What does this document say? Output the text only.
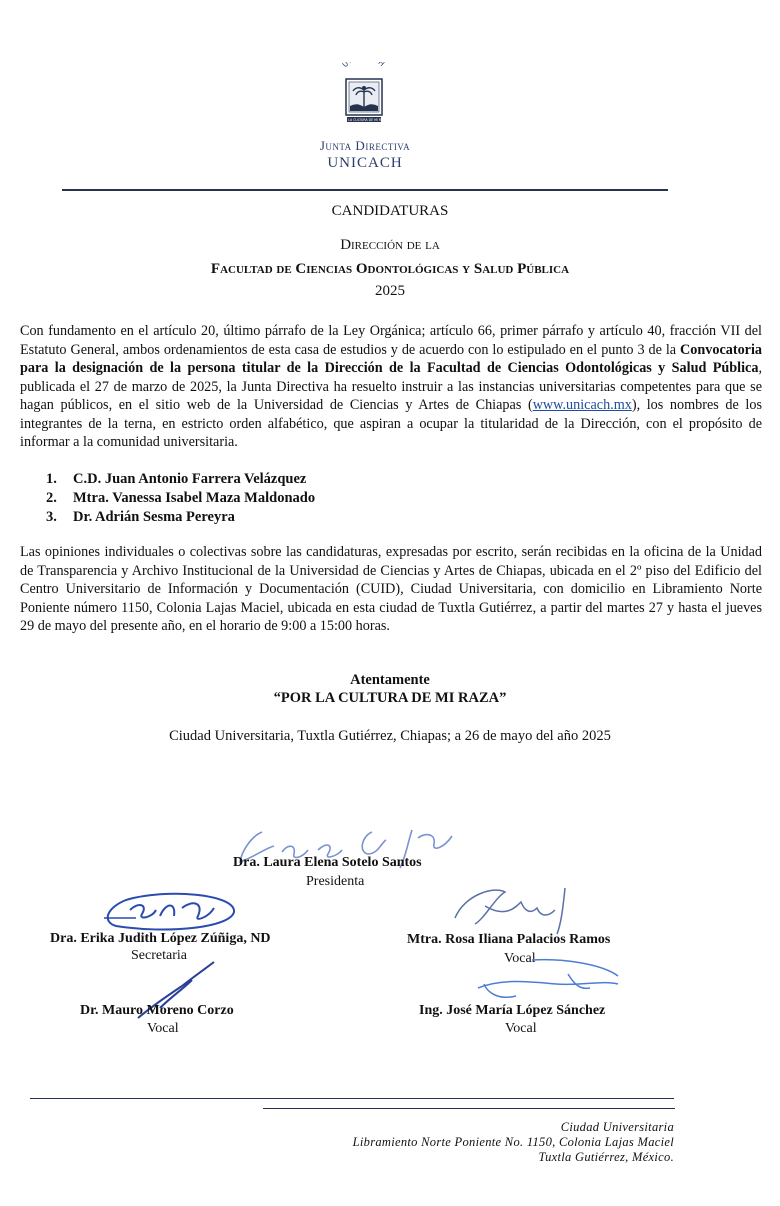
U H
POR LA CULTURA DE MI RAZA
Junta Directiva
UNICACH
CANDIDATURAS
Dirección de la
Facultad de Ciencias Odontológicas y Salud Pública
2025
Con fundamento en el artículo 20, último párrafo de la Ley Orgánica; artículo 66, primer párrafo y artículo 40, fracción VII del Estatuto General, ambos ordenamientos de esta casa de estudios y de acuerdo con lo estipulado en el punto 3 de la Convocatoria para la designación de la persona titular de la Dirección de la Facultad de Ciencias Odontológicas y Salud Pública, publicada el 27 de marzo de 2025, la Junta Directiva ha resuelto instruir a las instancias universitarias competentes para que se hagan públicos, en el sitio web de la Universidad de Ciencias y Artes de Chiapas (www.unicach.mx), los nombres de los integrantes de la terna, en estricto orden alfabético, que aspiran a ocupar la titularidad de la Dirección, con el propósito de informar a la comunidad universitaria.
1. C.D. Juan Antonio Farrera Velázquez
2. Mtra. Vanessa Isabel Maza Maldonado
3. Dr. Adrián Sesma Pereyra
Las opiniones individuales o colectivas sobre las candidaturas, expresadas por escrito, serán recibidas en la oficina de la Unidad de Transparencia y Archivo Institucional de la Universidad de Ciencias y Artes de Chiapas, ubicada en el 2º piso del Edificio del Centro Universitario de Información y Documentación (CUID), Ciudad Universitaria, con domicilio en Libramiento Norte Poniente número 1150, Colonia Lajas Maciel, ubicada en esta ciudad de Tuxtla Gutiérrez, a partir del martes 27 y hasta el jueves 29 de mayo del presente año, en el horario de 9:00 a 15:00 horas.
Atentamente
“POR LA CULTURA DE MI RAZA”
Ciudad Universitaria, Tuxtla Gutiérrez, Chiapas; a 26 de mayo del año 2025
Dra. Laura Elena Sotelo Santos
Presidenta
Dra. Erika Judith López Zúñiga, ND
Secretaria
Mtra. Rosa Iliana Palacios Ramos
Vocal
Dr. Mauro Moreno Corzo
Vocal
Ing. José María López Sánchez
Vocal
Ciudad Universitaria
Libramiento Norte Poniente No. 1150, Colonia Lajas Maciel
Tuxtla Gutiérrez, México.
